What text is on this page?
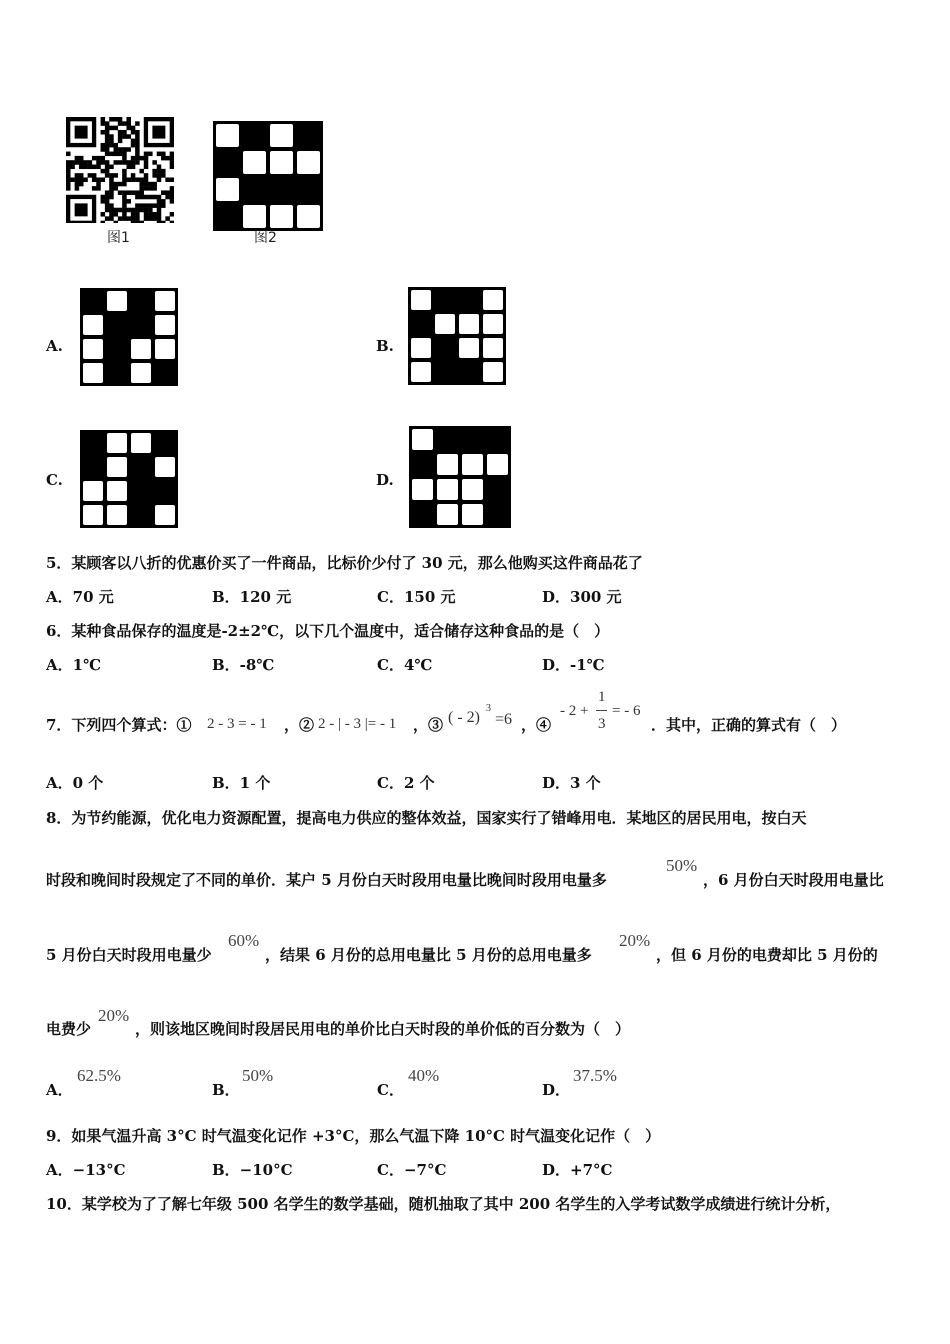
图1	图2
A.	B.
C.	D.
5．某顾客以八折的优惠价买了一件商品，比标价少付了 30 元，那么他购买这件商品花了
A．70 元	B．120 元	C．150 元	D．300 元
6．某种食品保存的温度是-2±2℃，以下几个温度中，适合储存这种食品的是（　）
A．1℃	B．-8℃	C．4℃	D．-1℃
7．下列四个算式：① 2 - 3 = - 1 ，② 2 - | - 3 |= - 1 ，③ ( - 2)
3
=6 ，④
- 2 +
1
3
= - 6
．其中，正确的算式有（　）
A．0 个	B．1 个	C．2 个	D．3 个
8．为节约能源，优化电力资源配置，提高电力供应的整体效益，国家实行了错峰用电．某地区的居民用电，按白天
时段和晚间时段规定了不同的单价．某户 5 月份白天时段用电量比晚间时段用电量多
50%
，6 月份白天时段用电量比
5 月份白天时段用电量少
60%
，结果 6 月份的总用电量比 5 月份的总用电量多
20%
，但 6 月份的电费却比 5 月份的
电费少
20%
，则该地区晚间时段居民用电的单价比白天时段的单价低的百分数为（　）
A．
62.5%
B．
50%
C．
40%
D．
37.5%
9．如果气温升高 3°C 时气温变化记作 +3°C，那么气温下降 10°C 时气温变化记作（　）
A．−13°C	B．−10°C	C．−7°C	D．+7°C
10．某学校为了了解七年级 500 名学生的数学基础，随机抽取了其中 200 名学生的入学考试数学成绩进行统计分析，
